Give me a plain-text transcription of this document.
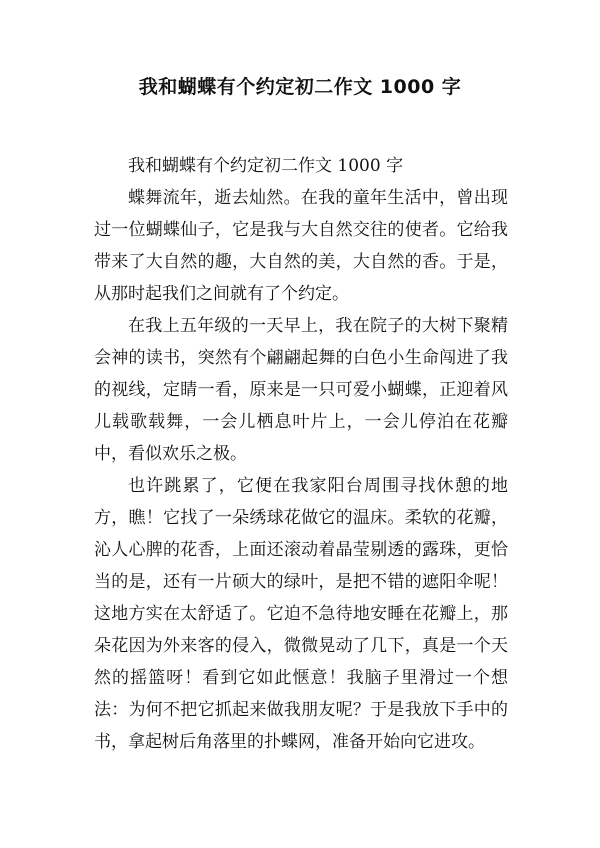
我和蝴蝶有个约定初二作文 1000 字

我和蝴蝶有个约定初二作文 1000 字

蝶舞流年，逝去灿然。在我的童年生活中，曾出现过一位蝴蝶仙子，它是我与大自然交往的使者。它给我带来了大自然的趣，大自然的美，大自然的香。于是，从那时起我们之间就有了个约定。

在我上五年级的一天早上，我在院子的大树下聚精会神的读书，突然有个翩翩起舞的白色小生命闯进了我的视线，定睛一看，原来是一只可爱小蝴蝶，正迎着风儿载歌载舞，一会儿栖息叶片上，一会儿停泊在花瓣中，看似欢乐之极。

也许跳累了，它便在我家阳台周围寻找休憩的地方，瞧！它找了一朵绣球花做它的温床。柔软的花瓣，沁人心脾的花香，上面还滚动着晶莹剔透的露珠，更恰当的是，还有一片硕大的绿叶，是把不错的遮阳伞呢！这地方实在太舒适了。它迫不急待地安睡在花瓣上，那朵花因为外来客的侵入，微微晃动了几下，真是一个天然的摇篮呀！看到它如此惬意！我脑子里滑过一个想法：为何不把它抓起来做我朋友呢？于是我放下手中的书，拿起树后角落里的扑蝶网，准备开始向它进攻。
